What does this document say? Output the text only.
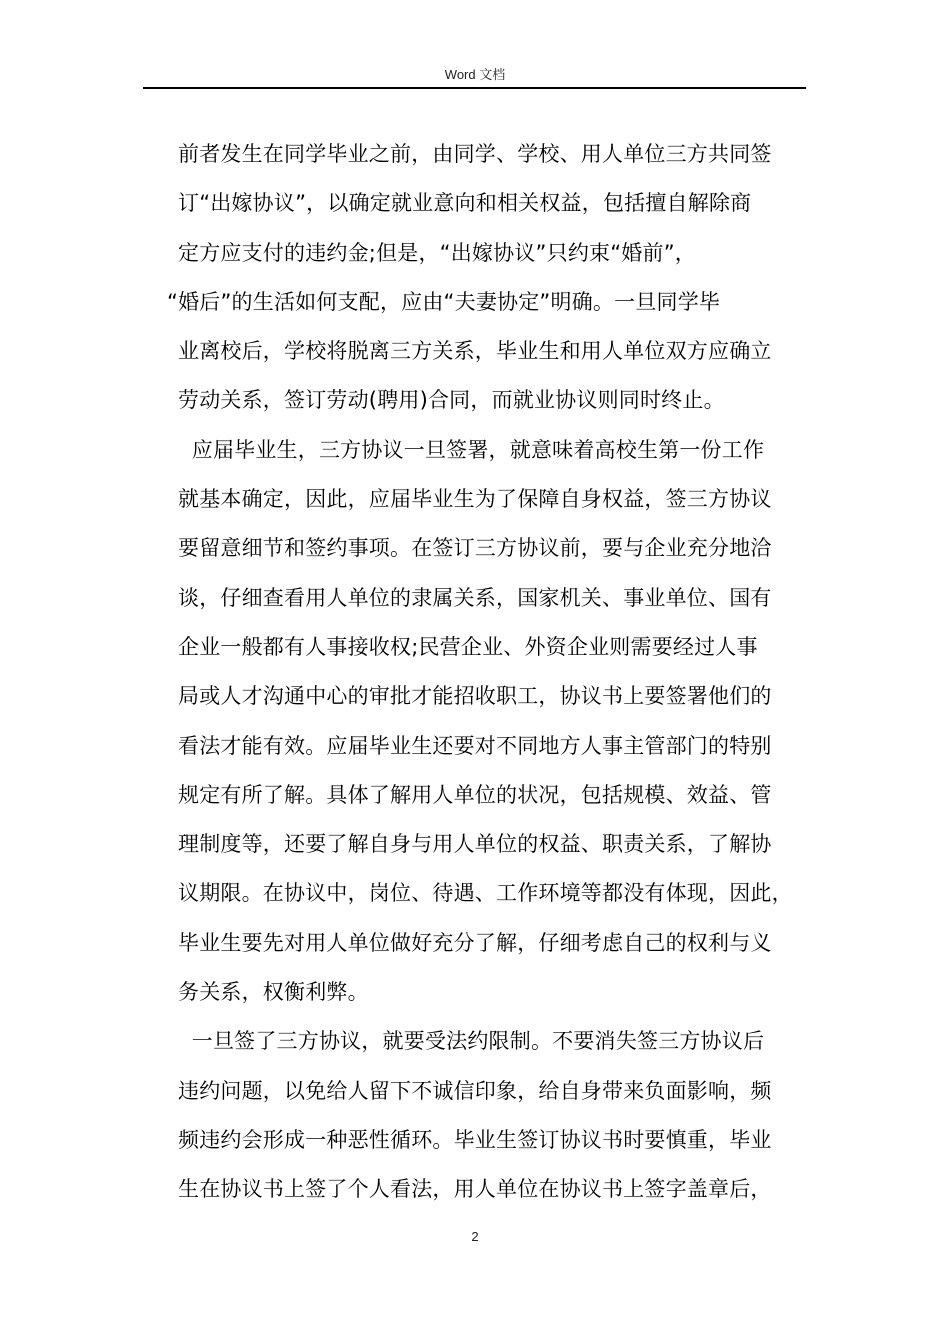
Word 文档
前者发生在同学毕业之前，由同学、学校、用人单位三方共同签
订“出嫁协议”，以确定就业意向和相关权益，包括擅自解除商
定方应支付的违约金;但是，“出嫁协议”只约束“婚前”，
“婚后”的生活如何支配，应由“夫妻协定”明确。一旦同学毕
业离校后，学校将脱离三方关系，毕业生和用人单位双方应确立
劳动关系，签订劳动(聘用)合同，而就业协议则同时终止。
应届毕业生，三方协议一旦签署，就意味着高校生第一份工作
就基本确定，因此，应届毕业生为了保障自身权益，签三方协议
要留意细节和签约事项。在签订三方协议前，要与企业充分地洽
谈，仔细查看用人单位的隶属关系，国家机关、事业单位、国有
企业一般都有人事接收权;民营企业、外资企业则需要经过人事
局或人才沟通中心的审批才能招收职工，协议书上要签署他们的
看法才能有效。应届毕业生还要对不同地方人事主管部门的特别
规定有所了解。具体了解用人单位的状况，包括规模、效益、管
理制度等，还要了解自身与用人单位的权益、职责关系，了解协
议期限。在协议中，岗位、待遇、工作环境等都没有体现，因此，
毕业生要先对用人单位做好充分了解，仔细考虑自己的权利与义
务关系，权衡利弊。
一旦签了三方协议，就要受法约限制。不要消失签三方协议后
违约问题，以免给人留下不诚信印象，给自身带来负面影响，频
频违约会形成一种恶性循环。毕业生签订协议书时要慎重，毕业
生在协议书上签了个人看法，用人单位在协议书上签字盖章后，
2
